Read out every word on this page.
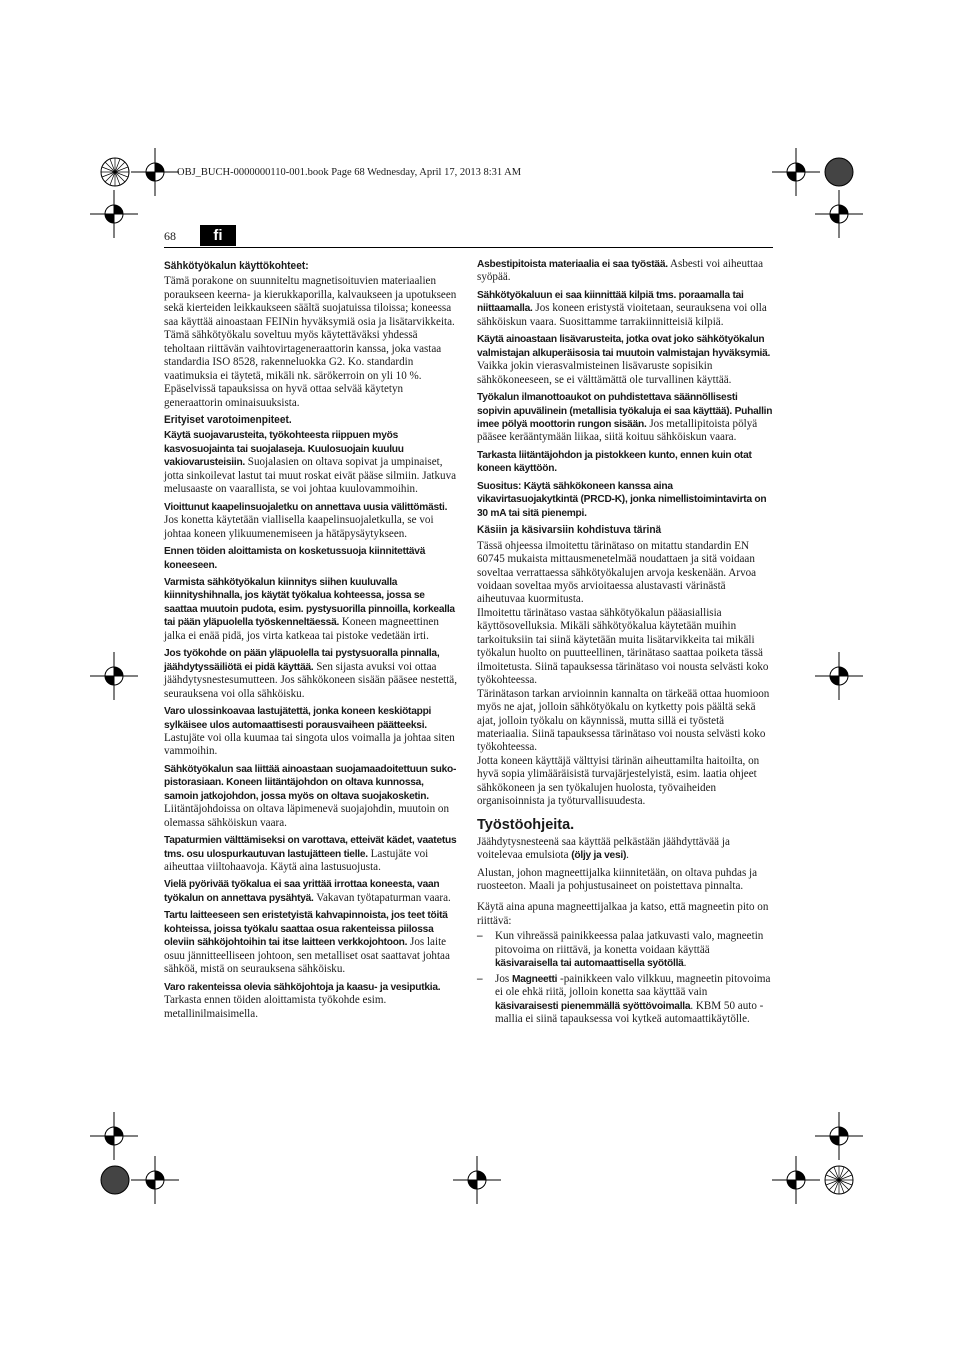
OBJ_BUCH-0000000110-001.book Page 68 Wednesday, April 17, 2013 8:31 AM
68	fi
Sähkötyökalun käyttökohteet:

Tämä porakone on suunniteltu magnetisoituvien materiaalien poraukseen keerna- ja kierukkaporilla, kalvaukseen ja upotukseen sekä kierteiden leikkaukseen säältä suojatuissa tiloissa; koneessa saa käyttää ainoastaan FEINin hyväksymiä osia ja lisätarvikkeita.

Tämä sähkötyökalu soveltuu myös käytettäväksi yhdessä teholtaan riittävän vaihtovirtageneraattorin kanssa, joka vastaa standardia ISO 8528, rakenneluokka G2. Ko. standardin vaatimuksia ei täytetä, mikäli nk. särökerroin on yli 10 %. Epäselvissä tapauksissa on hyvä ottaa selvää käytetyn generaattorin ominaisuuksista.

Erityiset varotoimenpiteet.

Käytä suojavarusteita, työkohteesta riippuen myös kasvosuojainta tai suojalaseja. Kuulosuojain kuuluu vakiovarusteisiin. Suojalasien on oltava sopivat ja umpinaiset, jotta sinkoilevat lastut tai muut roskat eivät pääse silmiin. Jatkuva melusaaste on vaarallista, se voi johtaa kuulovammoihin.

Vioittunut kaapelinsuojaletku on annettava uusia välittömästi. Jos konetta käytetään viallisella kaapelinsuojaletkulla, se voi johtaa koneen ylikuumenemiseen ja hätäpysäytykseen.

Ennen töiden aloittamista on kosketussuoja kiinnitettävä koneeseen.

Varmista sähkötyökalun kiinnitys siihen kuuluvalla kiinnityshihnalla, jos käytät työkalua kohteessa, jossa se saattaa muutoin pudota, esim. pystysuorilla pinnoilla, korkealla tai pään yläpuolella työskenneltäessä. Koneen magneettinen jalka ei enää pidä, jos virta katkeaa tai pistoke vedetään irti.

Jos työkohde on pään yläpuolella tai pystysuoralla pinnalla, jäähdytyssäiliötä ei pidä käyttää. Sen sijasta avuksi voi ottaa jäähdytysnestesumutteen. Jos sähkökoneen sisään pääsee nestettä, seurauksena voi olla sähköisku.

Varo ulossinkoavaa lastujätettä, jonka koneen keskiötappi sylkäisee ulos automaattisesti porausvaiheen päätteeksi. Lastujäte voi olla kuumaa tai singota ulos voimalla ja johtaa siten vammoihin.

Sähkötyökalun saa liittää ainoastaan suojamaadoitettuun suko-pistorasiaan. Koneen liitäntäjohdon on oltava kunnossa, samoin jatkojohdon, jossa myös on oltava suojakosketin. Liitäntäjohdoissa on oltava läpimenevä suojajohdin, muutoin on olemassa sähköiskun vaara.

Tapaturmien välttämiseksi on varottava, etteivät kädet, vaatetus tms. osu ulospurkautuvan lastujätteen tielle. Lastujäte voi aiheuttaa viiltohaavoja. Käytä aina lastusuojusta.

Vielä pyörivää työkalua ei saa yrittää irrottaa koneesta, vaan työkalun on annettava pysähtyä. Vakavan työtapaturman vaara.

Tartu laitteeseen sen eristetyistä kahvapinnoista, jos teet töitä kohteissa, joissa työkalu saattaa osua rakenteissa piilossa oleviin sähköjohtoihin tai itse laitteen verkkojohtoon. Jos laite osuu jännitteelliseen johtoon, sen metalliset osat saattavat johtaa sähköä, mistä on seurauksena sähköisku.

Varo rakenteissa olevia sähköjohtoja ja kaasu- ja vesiputkia. Tarkasta ennen töiden aloittamista työkohde esim. metallinilmaisimella.

Asbestipitoista materiaalia ei saa työstää. Asbesti voi aiheuttaa syöpää.

Sähkötyökaluun ei saa kiinnittää kilpiä tms. poraamalla tai niittaamalla. Jos koneen eristystä vioitetaan, seurauksena voi olla sähköiskun vaara. Suosittamme tarrakiinnitteisiä kilpiä.

Käytä ainoastaan lisävarusteita, jotka ovat joko sähkötyökalun valmistajan alkuperäisosia tai muutoin valmistajan hyväksymiä. Vaikka jokin vierasvalmisteinen lisävaruste sopisikin sähkökoneeseen, se ei välttämättä ole turvallinen käyttää.

Työkalun ilmanottoaukot on puhdistettava säännöllisesti sopivin apuvälinein (metallisia työkaluja ei saa käyttää). Puhallin imee pölyä moottorin rungon sisään. Jos metallipitoista pölyä pääsee kerääntymään liikaa, siitä koituu sähköiskun vaara.

Tarkasta liitäntäjohdon ja pistokkeen kunto, ennen kuin otat koneen käyttöön.

Suositus: Käytä sähkökoneen kanssa aina vikavirtasuojakytkintä (PRCD-K), jonka nimellistoimintavirta on 30 mA tai sitä pienempi.

Käsiin ja käsivarsiin kohdistuva tärinä

Tässä ohjeessa ilmoitettu tärinätaso on mitattu standardin EN 60745 mukaista mittausmenetelmää noudattaen ja sitä voidaan soveltaa verrattaessa sähkötyökalujen arvoja keskenään. Arvoa voidaan soveltaa myös arvioitaessa alustavasti värinästä aiheutuvaa kuormitusta.

Ilmoitettu tärinätaso vastaa sähkötyökalun pääasiallisia käyttösovelluksia. Mikäli sähkötyökalua käytetään muihin tarkoituksiin tai siinä käytetään muita lisätarvikkeita tai mikäli työkalun huolto on puutteellinen, tärinätaso saattaa poiketa tässä ilmoitetusta. Siinä tapauksessa tärinätaso voi nousta selvästi koko työkohteessa.

Tärinätason tarkan arvioinnin kannalta on tärkeää ottaa huomioon myös ne ajat, jolloin sähkötyökalu on kytketty pois päältä sekä ajat, jolloin työkalu on käynnissä, mutta sillä ei työstetä materiaalia. Siinä tapauksessa tärinätaso voi nousta selvästi koko työkohteessa.

Jotta koneen käyttäjä välttyisi tärinän aiheuttamilta haitoilta, on hyvä sopia ylimääräisistä turvajärjestelyistä, esim. laatia ohjeet sähkökoneen ja sen työkalujen huolosta, työvaiheiden organisoinnista ja työturvallisuudesta.

Työstöohjeita.

Jäähdytysnesteenä saa käyttää pelkästään jäähdyttävää ja voitelevaa emulsiota (öljy ja vesi).

Alustan, johon magneettijalka kiinnitetään, on oltava puhdas ja ruosteeton. Maali ja pohjustusaineet on poistettava pinnalta.

Käytä aina apuna magneettijalkaa ja katso, että magneetin pito on riittävä:

– Kun vihreässä painikkeessa palaa jatkuvasti valo, magneetin pitovoima on riittävä, ja konetta voidaan käyttää käsivaraisella tai automaattisella syötöllä.
– Jos Magneetti -painikkeen valo vilkkuu, magneetin pitovoima ei ole ehkä riitä, jolloin konetta saa käyttää vain käsivaraisesti pienemmällä syöttövoimalla. KBM 50 auto -mallia ei siinä tapauksessa voi kytkeä automaattikäytölle.
